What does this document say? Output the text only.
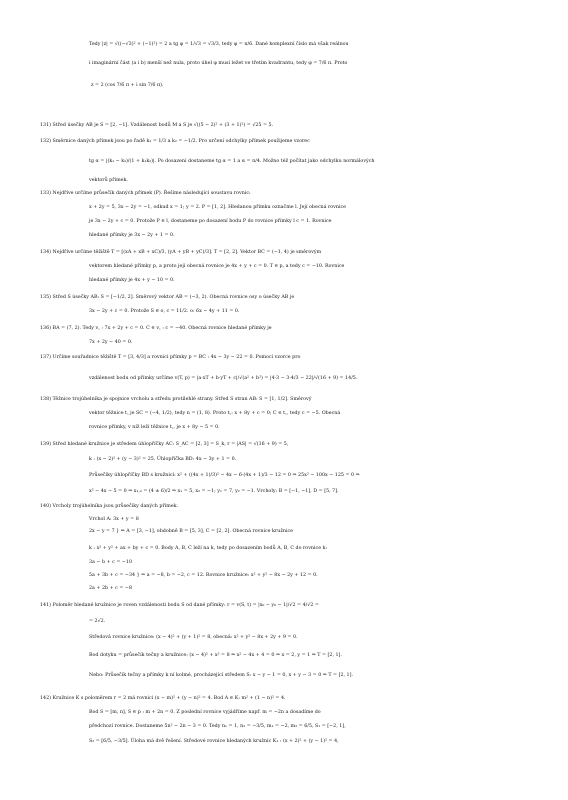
Tedy |z| = √((−√3)² + (−1)²) = 2 a tg φ = 1/√3 = √3/3, tedy φ = π/6. Dané komplexní číslo má však reálnou
i imaginární část (a i b) menší než nula, proto úhel φ musí ležet ve třetím kvadrantu, tedy φ = 7/6 π. Proto
z = 2 (cos 7/6 π + i sin 7/6 π).
131) Střed úsečky AB je S = [2, −1]. Vzdálenost bodů M a S je √((5 − 2)² + (3 + 1)²) = √25 = 5.
132) Směrnice daných přímek jsou po řadě k₁ = 1/3 a k₂ = −1/2. Pro určení odchylky přímek použijeme vzorec
tg α = |(k₁ − k₂)/(1 + k₁k₂)|. Po dosazení dostaneme tg α = 1 a α = π/4. Možno též počítat jako odchylku normálových
vektorů přímek.
133) Nejdříve určíme průsečík daných přímek (P). Řešíme následující soustavu rovnic:
x + 2y = 5, 3x − 2y = −1, odkud x = 1; y = 2. P = [1, 2]. Hledanou přímku označme l. Její obecná rovnice
je 3x − 2y + c = 0. Protože P ∈ l, dostaneme po dosazení bodu P do rovnice přímky l c = 1. Rovnice
hledané přímky je 3x − 2y + 1 = 0.
134) Nejdříve určíme těžiště T = [(xA + xB + xC)/3, (yA + yB + yC)/3]. T = [2, 2]. Vektor BC = (−1, 4) je směrovým
vektorem hledané přímky p, a proto její obecná rovnice je 4x + y + c = 0. T ∈ p, a tedy c = −10. Rovnice
hledané přímky je 4x + y − 10 = 0.
135) Střed S úsečky AB: S = [−1/2, 2]. Směrový vektor AB = (−3, 2). Obecná rovnice osy o úsečky AB je
3x − 2y + c = 0. Protože S ∈ o, c = 11/2. o: 6x − 4y + 11 = 0.
136) BA = (7, 2). Tedy v꜀ : 7x + 2y + c = 0. C ∈ v꜀ : c = −40. Obecná rovnice hledané přímky je
7x + 2y − 40 = 0.
137) Určíme souřadnice těžiště T = [3, 4/3] a rovnici přímky p = BC : 4x − 3y − 22 = 0. Pomocí vzorce pro
vzdálenost bodu od přímky určíme v(T, p) = |a·xT + b·yT + c|/√(a² + b²) = |4·3 − 3·4/3 − 22|/√(16 + 9) = 14/5.
138) Těžnice trojúhelníka je spojnice vrcholu a středu protilehlé strany. Střed S stran AB: S = [1, 1/2]. Směrový
vektor těžnice t꜀ je SC = (−4, 1/2), tedy n = (1, 8). Proto t꜀: x + 8y + c = 0; C ∈ t꜀, tedy c = −5. Obecná
rovnice přímky, v níž leží těžnice t꜀, je x + 8y − 5 = 0.
139) Střed hledané kružnice je středem úhlopříčky AC: S_AC = [2, 3] = S_k, r = |AS| = √(16 + 9) = 5,
k : (x − 2)² + (y − 3)² = 25. Úhlopříčka BD: 4x − 3y + 1 = 0.
Průsečíky úhlopříčky BD s kružnicí: x² + ((4x + 1)/3)² − 4x − 6·(4x + 1)/3 − 12 = 0 ⇒ 25x² − 100x − 125 = 0 ⇒
x² − 4x − 5 = 0 ⇒ x₁,₂ = (4 ± 6)/2 ⇒ x₁ = 5, x₂ = −1; y₁ = 7, y₂ = −1. Vrcholy: B = [−1, −1], D = [5, 7].
140) Vrcholy trojúhelníka jsou průsečíky daných přímek.
Vrchol A: 3x + y = 8
2x − y = 7 } ⇒ A = [3, −1], obdobně B = [5, 3], C = [2, 2]. Obecná rovnice kružnice
k : x² + y² + ax + by + c = 0. Body A, B, C leží na k, tedy po dosazením bodů A, B, C do rovnice k:
3a − b + c = −10
5a + 3b + c = −34 } ⇒ a = −8, b = −2, c = 12. Rovnice kružnice: x² + y² − 8x − 2y + 12 = 0.
2a + 2b + c = −8
141) Poloměr hledané kružnice je roven vzdálenosti bodu S od dané přímky: r = v(S, t) = |x₀ − y₀ − 1|/√2 = 4/√2 =
= 2√2.
Středová rovnice kružnice: (x − 4)² + (y + 1)² = 8, obecná: x² + y² − 8x + 2y + 9 = 0.
Bod dotyku = průsečík tečny a kružnice: (x − 4)² + x² = 8 ⇒ x² − 4x + 4 = 0 ⇒ x = 2, y = 1 ⇒ T = [2, 1].
Nebo: Průsečík tečny a přímky k ní kolmé, procházející středem S: x − y − 1 = 0, x + y − 3 = 0 ⇒ T = [2, 1].
142) Kružnice K s poloměrem r = 2 má rovnici (x − m)² + (y − n)² = 4. Bod A ∈ K: m² + (1 − n)² = 4.
Bod S = [m, n], S ∈ p : m + 2n = 0. Z poslední rovnice vyjádříme např. m = −2n a dosadíme do
předchozí rovnice. Dostaneme 5n² − 2n − 3 = 0. Tedy n₁ = 1, n₂ = −3/5, m₁ = −2, m₂ = 6/5, S₁ = [−2, 1],
S₂ = [6/5, −3/5]. Úloha má dvě řešení. Středové rovnice hledaných kružnic K₁ : (x + 2)² + (y − 1)² = 4,
